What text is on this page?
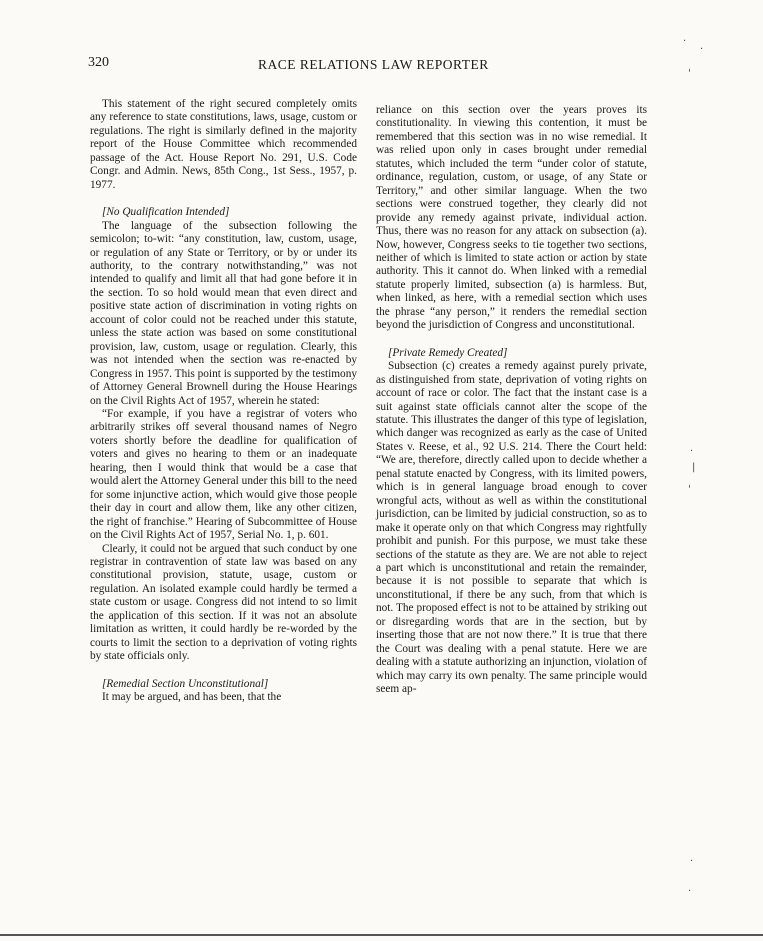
320	RACE RELATIONS LAW REPORTER

This statement of the right secured completely omits any reference to state constitutions, laws, usage, custom or regulations. The right is similarly defined in the majority report of the House Committee which recommended passage of the Act. House Report No. 291, U.S. Code Congr. and Admin. News, 85th Cong., 1st Sess., 1957, p. 1977.

[No Qualification Intended]

The language of the subsection following the semicolon; to-wit: “any constitution, law, custom, usage, or regulation of any State or Territory, or by or under its authority, to the contrary notwithstanding,” was not intended to qualify and limit all that had gone before it in the section. To so hold would mean that even direct and positive state action of discrimination in voting rights on account of color could not be reached under this statute, unless the state action was based on some constitutional provision, law, custom, usage or regulation. Clearly, this was not intended when the section was re-enacted by Congress in 1957. This point is supported by the testimony of Attorney General Brownell during the House Hearings on the Civil Rights Act of 1957, wherein he stated:

“For example, if you have a registrar of voters who arbitrarily strikes off several thousand names of Negro voters shortly before the deadline for qualification of voters and gives no hearing to them or an inadequate hearing, then I would think that would be a case that would alert the Attorney General under this bill to the need for some injunctive action, which would give those people their day in court and allow them, like any other citizen, the right of franchise.” Hearing of Subcommittee of House on the Civil Rights Act of 1957, Serial No. 1, p. 601.

Clearly, it could not be argued that such conduct by one registrar in contravention of state law was based on any constitutional provision, statute, usage, custom or regulation. An isolated example could hardly be termed a state custom or usage. Congress did not intend to so limit the application of this section. If it was not an absolute limitation as written, it could hardly be re-worded by the courts to limit the section to a deprivation of voting rights by state officials only.

[Remedial Section Unconstitutional]

It may be argued, and has been, that the

reliance on this section over the years proves its constitutionality. In viewing this contention, it must be remembered that this section was in no wise remedial. It was relied upon only in cases brought under remedial statutes, which included the term “under color of statute, ordinance, regulation, custom, or usage, of any State or Territory,” and other similar language. When the two sections were construed together, they clearly did not provide any remedy against private, individual action. Thus, there was no reason for any attack on subsection (a). Now, however, Congress seeks to tie together two sections, neither of which is limited to state action or action by state authority. This it cannot do. When linked with a remedial statute properly limited, subsection (a) is harmless. But, when linked, as here, with a remedial section which uses the phrase “any person,” it renders the remedial section beyond the jurisdiction of Congress and unconstitutional.

[Private Remedy Created]

Subsection (c) creates a remedy against purely private, as distinguished from state, deprivation of voting rights on account of race or color. The fact that the instant case is a suit against state officials cannot alter the scope of the statute. This illustrates the danger of this type of legislation, which danger was recognized as early as the case of United States v. Reese, et al., 92 U.S. 214. There the Court held: “We are, therefore, directly called upon to decide whether a penal statute enacted by Congress, with its limited powers, which is in general language broad enough to cover wrongful acts, without as well as within the constitutional jurisdiction, can be limited by judicial construction, so as to make it operate only on that which Congress may rightfully prohibit and punish. For this purpose, we must take these sections of the statute as they are. We are not able to reject a part which is unconstitutional and retain the remainder, because it is not possible to separate that which is unconstitutional, if there be any such, from that which is not. The proposed effect is not to be attained by striking out or disregarding words that are in the section, but by inserting those that are not now there.” It is true that there the Court was dealing with a penal statute. Here we are dealing with a statute authorizing an injunction, violation of which may carry its own penalty. The same principle would seem ap-

·
·
'
·
|
'
·
·
